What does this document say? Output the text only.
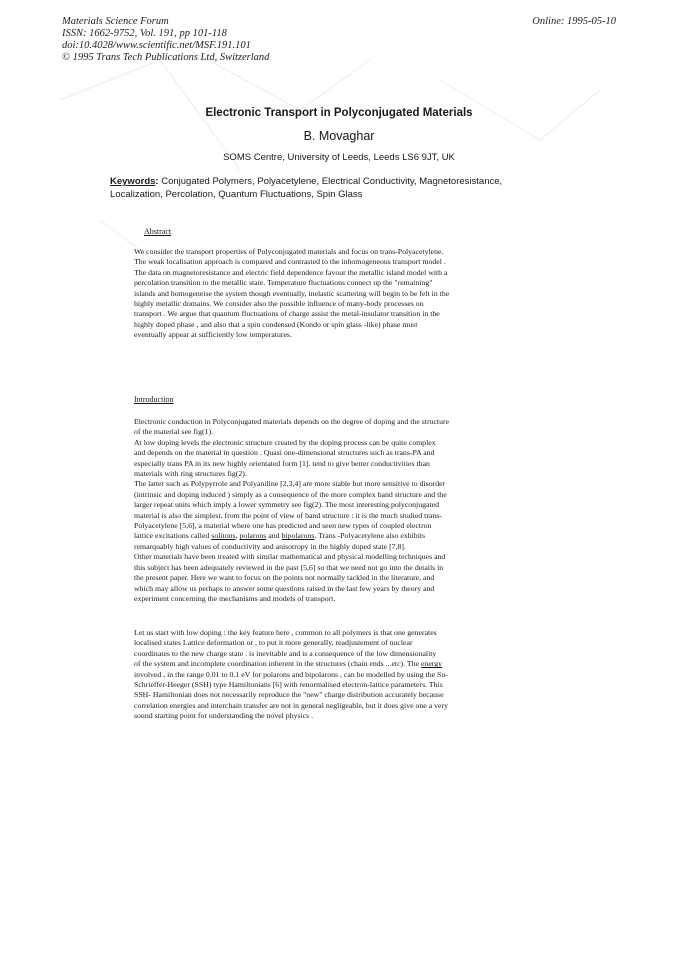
Materials Science Forum
ISSN: 1662-9752, Vol. 191, pp 101-118
doi:10.4028/www.scientific.net/MSF.191.101
© 1995 Trans Tech Publications Ltd, Switzerland
Online: 1995-05-10
Electronic Transport in Polyconjugated Materials
B. Movaghar
SOMS Centre, University of Leeds, Leeds LS6 9JT, UK
Keywords: Conjugated Polymers, Polyacetylene, Electrical Conductivity, Magnetoresistance,
Localization, Percolation, Quantum Fluctuations, Spin Glass
Abstract
We consider the transport properties of Polyconjugated materials and focus on trans-Polyacetylene.
The weak localisation approach is compared and contrasted to the inhomogeneous transport model .
The data on magnetoresistance and electric field dependence favour the metallic island model with a
percolation transition to the metallic state. Temperature fluctuations connect up the "remaining"
islands and homogeneise the system though eventually, inelastic scattering will begin to be felt in the
highly metallic domains. We consider also the possible influence of many-body processes on
transport . We argue that quantum fluctuations of charge assist the metal-insulator transition in the
highly doped phase , and also that a spin condensed (Kondo or spin glass -like) phase must
eventually appear at sufficiently low temperatures.
Introduction
Electronic conduction in Polyconjugated materials depends on the degree of doping and the structure
of the material see fig(1).
At low doping levels the electronic structure created by the doping process can be quite complex
and depends on the material in question . Quasi one-dimensional structures such as trans-PA and
especially trans PA in its new highly orientated form [1]. tend to give better conductivities than
materials with ring structures fig(2).
The latter such as Polypyrrole and Polyaniline [2,3,4] are more stable but more sensitive to disorder
(intrinsic and doping induced ) simply as a consequence of the more complex band structure and the
larger repeat units which imply a lower symmetry see fig(2). The most interesting polyconjugated
material is also the simplest, from the point of view of band structure : it is the much studied trans-
Polyacetylene [5,6], a material where one has predicted and seen new types of coupled electron
lattice excitations called solitons, polarons and bipolarons. Trans -Polyacetylene also exhibits
remarquably high values of conductivity and anisotropy in the highly doped state [7,8].
Other materials have been treated with similar mathematical and physical modelling techniques and
this subject has been adequately reviewed in the past [5,6] so that we need not go into the details in
the present paper. Here we want to focus on the points not normally tackled in the literature, and
which may allow us perhaps to answer some questions raised in the last few years by theory and
experiment concerning the mechanisms and models of transport.
Let us start with low doping : the key feature here , common to all polymers is that one generates
localised states Lattice deformation or , to put it more generally, readjustement of nuclear
coordinates to the new charge state . is inevitable and is a consequence of the low dimensionality
of the system and incomplete coordination inherent in the structures (chain ends ...etc). The energy
involved , in the range 0.01 to 0.1 eV for polarons and bipolarons , can be modelled by using the Su-
Schrieffer-Heeger (SSH) type Hamiltonians [6] with renormalised electron-lattice parameters. This
SSH- Hamiltonian does not necessarily reproduce the "new" charge distribution accurately because
correlation energies and interchain transfer are not in general negligeable, but it does give one a very
sound starting point for understanding the novel physics .
